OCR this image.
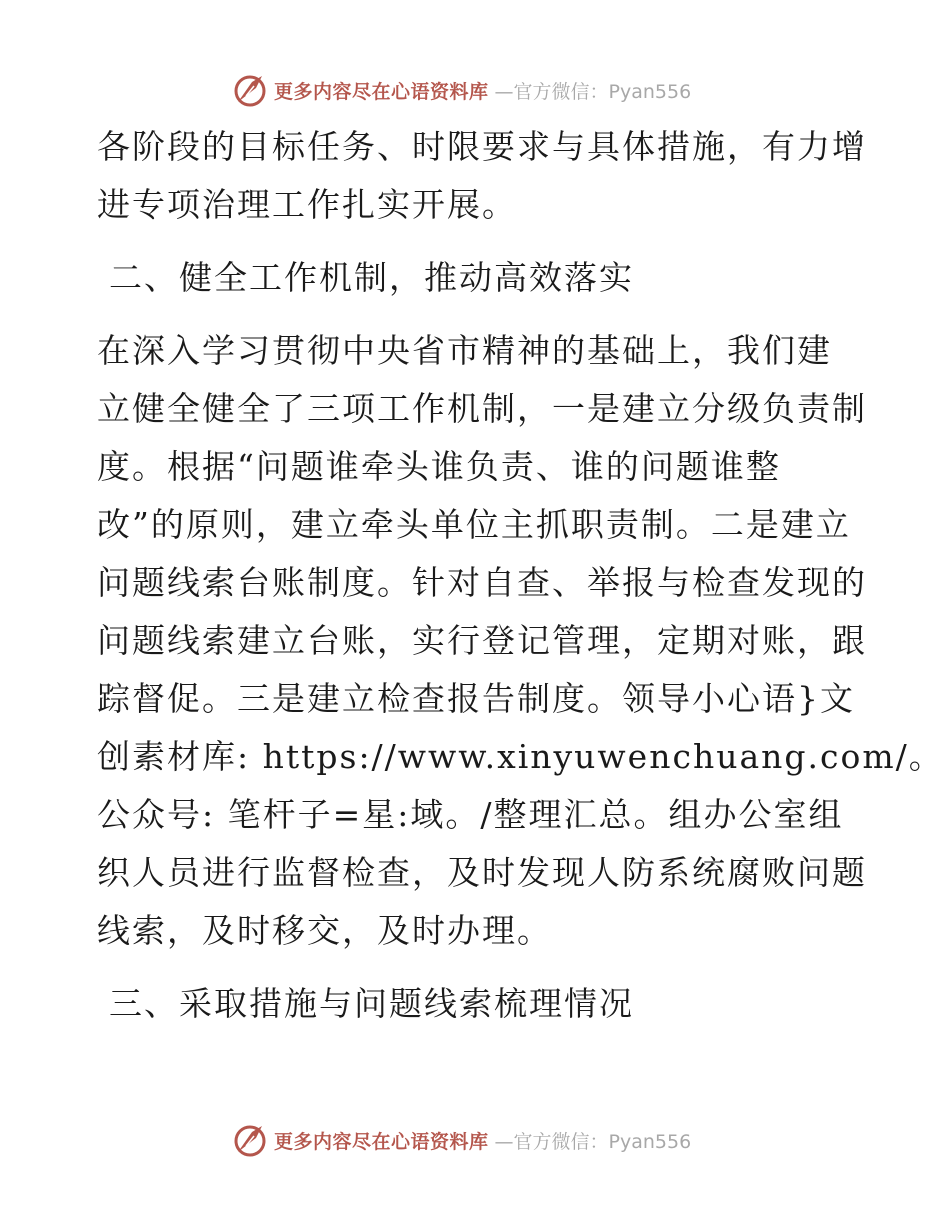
更多内容尽在心语资料库 —官方微信：Pyan556

各阶段的目标任务、时限要求与具体措施，有力增
进专项治理工作扎实开展。

二、健全工作机制，推动高效落实

在深入学习贯彻中央省市精神的基础上，我们建
立健全健全了三项工作机制，一是建立分级负责制
度。根据“问题谁牵头谁负责、谁的问题谁整
改”的原则，建立牵头单位主抓职责制。二是建立
问题线索台账制度。针对自查、举报与检查发现的
问题线索建立台账，实行登记管理，定期对账，跟
踪督促。三是建立检查报告制度。领导小心语}文
创素材库: https://www.xinyuwenchuang.com/。
公众号: 笔杆子=星:域。/整理汇总。组办公室组
织人员进行监督检查，及时发现人防系统腐败问题
线索，及时移交，及时办理。

三、采取措施与问题线索梳理情况

更多内容尽在心语资料库 —官方微信：Pyan556
